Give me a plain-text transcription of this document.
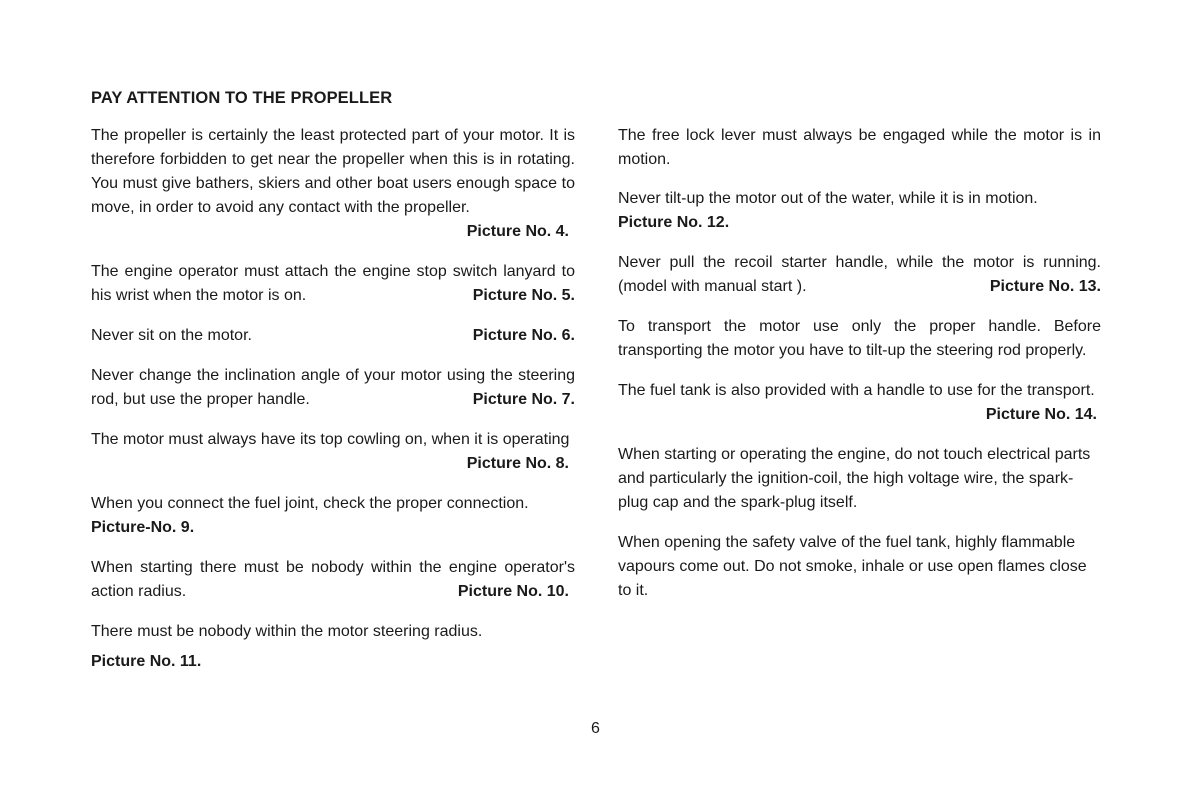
PAY ATTENTION TO THE PROPELLER

The propeller is certainly the least protected part of your motor. It is therefore forbidden to get near the propeller when this is in rotating. You must give bathers, skiers and other boat users enough space to move, in order to avoid any contact with the propeller.
Picture No. 4.

The engine operator must attach the engine stop switch lanyard to his wrist when the motor is on.	Picture No. 5.

Never sit on the motor.	Picture No. 6.

Never change the inclination angle of your motor using the steering rod, but use the proper handle.	Picture No. 7.

The motor must always have its top cowling on, when it is operating
Picture No. 8.

When you connect the fuel joint, check the proper connection.
Picture-No. 9.

When starting there must be nobody within the engine operator's action radius.	Picture No. 10.

There must be nobody within the motor steering radius.
Picture No. 11.

The free lock lever must always be engaged while the motor is in motion.

Never tilt-up the motor out of the water, while it is in motion.
Picture No. 12.

Never pull the recoil starter handle, while the motor is running.(model with manual start ).	Picture No. 13.

To transport the motor use only the proper handle. Before transporting the motor you have to tilt-up the steering rod properly.

The fuel tank is also provided with a handle to use for the transport.
Picture No. 14.

When starting or operating the engine, do not touch electrical parts and particularly the ignition-coil, the high voltage wire, the spark-plug cap and the spark-plug itself.

When opening the safety valve of the fuel tank, highly flammable vapours come out. Do not smoke, inhale or use open flames close to it.

6
